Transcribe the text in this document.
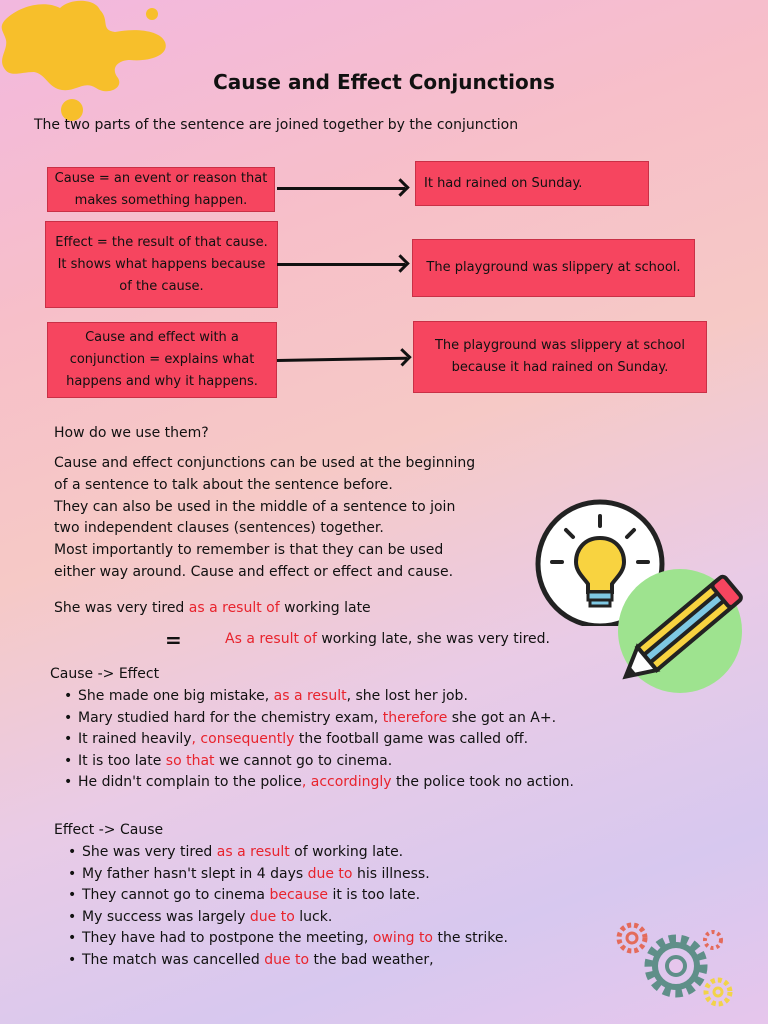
Cause and Effect Conjunctions
The two parts of the sentence are joined together by the conjunction
Cause = an event or reason that makes something happen.
It had rained on Sunday.
Effect = the result of that cause. It shows what happens because of the cause.
The playground was slippery at school.
Cause and effect with a conjunction = explains what happens and why it happens.
The playground was slippery at school because it had rained on Sunday.
How do we use them?
Cause and effect conjunctions can be used at the beginning
of a sentence to talk about the sentence before.
They can also be used in the middle of a sentence to join
two independent clauses (sentences) together.
Most importantly to remember is that they can be used
either way around. Cause and effect or effect and cause.
She was very tired as a result of working late
=	As a result of working late, she was very tired.
Cause -> Effect
• She made one big mistake, as a result, she lost her job.
• Mary studied hard for the chemistry exam, therefore she got an A+.
• It rained heavily, consequently the football game was called off.
• It is too late so that we cannot go to cinema.
• He didn't complain to the police, accordingly the police took no action.
Effect -> Cause
• She was very tired as a result of working late.
• My father hasn't slept in 4 days due to his illness.
• They cannot go to cinema because it is too late.
• My success was largely due to luck.
• They have had to postpone the meeting, owing to the strike.
• The match was cancelled due to the bad weather,
